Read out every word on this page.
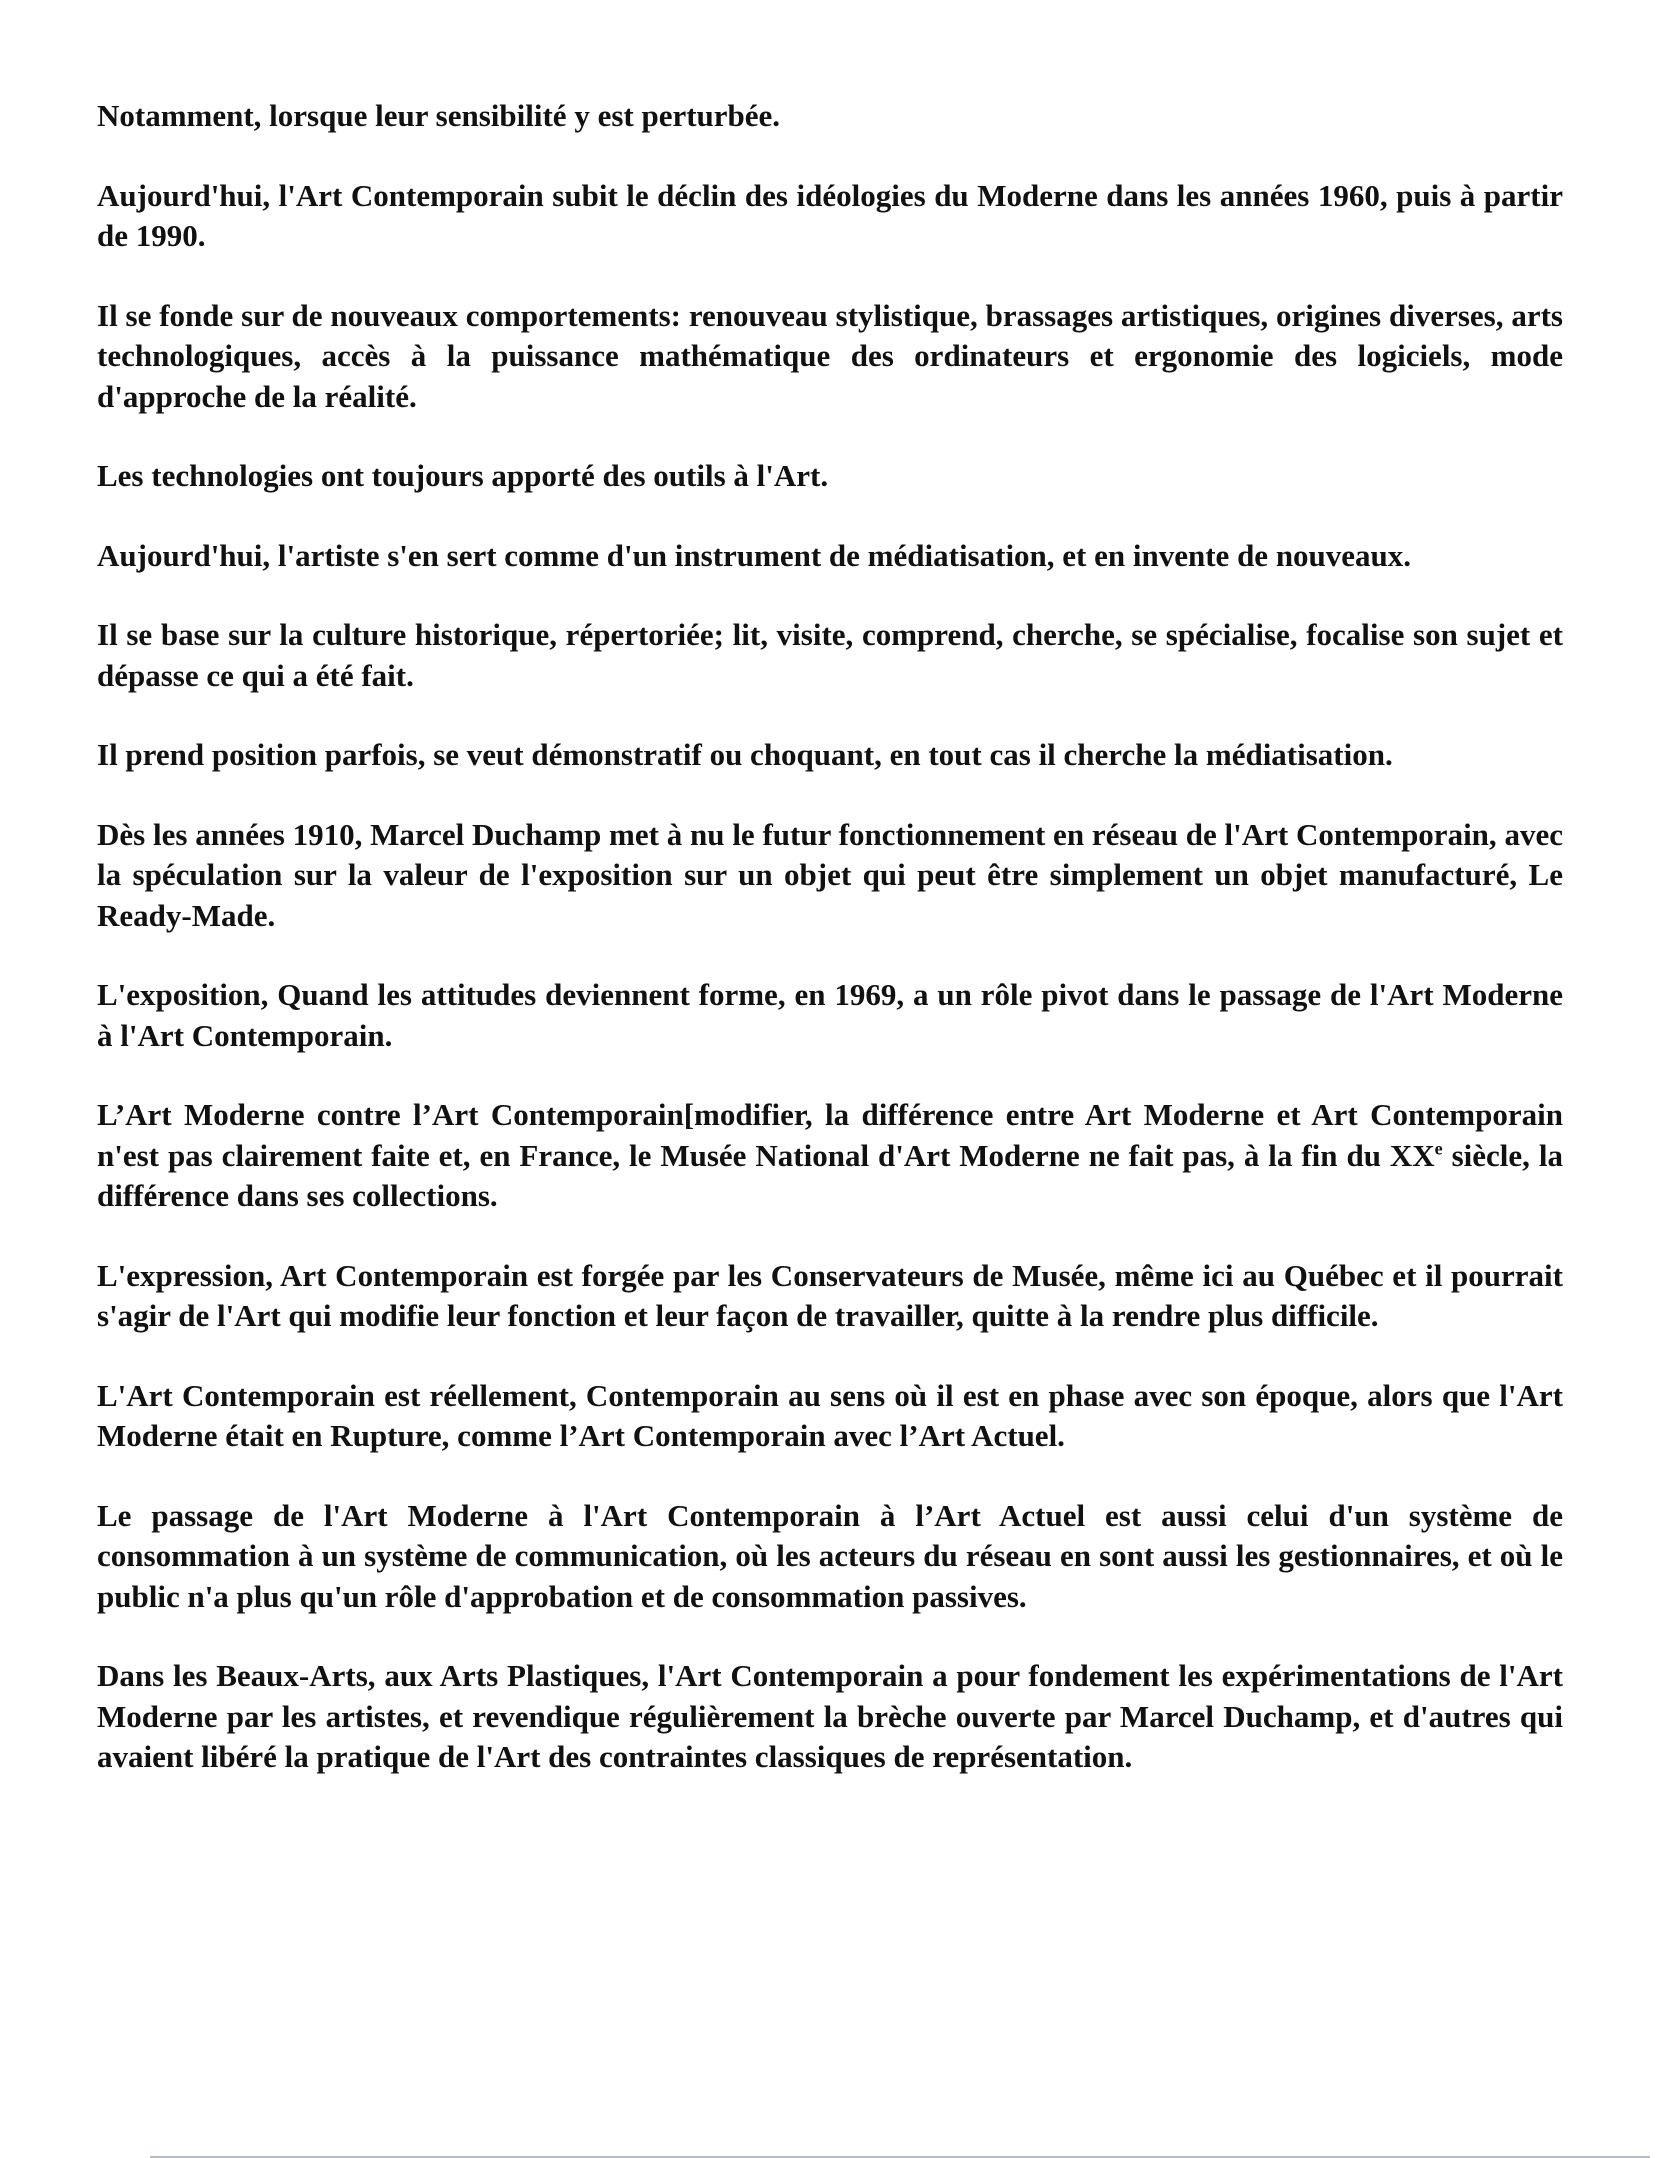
Notamment, lorsque leur sensibilité y est perturbée.

Aujourd'hui, l'Art Contemporain subit le déclin des idéologies du Moderne dans les années 1960, puis à partir de 1990.

Il se fonde sur de nouveaux comportements: renouveau stylistique, brassages artistiques, origines diverses, arts technologiques, accès à la puissance mathématique des ordinateurs et ergonomie des logiciels, mode d'approche de la réalité.

Les technologies ont toujours apporté des outils à l'Art.

Aujourd'hui, l'artiste s'en sert comme d'un instrument de médiatisation, et en invente de nouveaux.

Il se base sur la culture historique, répertoriée; lit, visite, comprend, cherche, se spécialise, focalise son sujet et dépasse ce qui a été fait.

Il prend position parfois, se veut démonstratif ou choquant, en tout cas il cherche la médiatisation.

Dès les années 1910, Marcel Duchamp met à nu le futur fonctionnement en réseau de l'Art Contemporain, avec la spéculation sur la valeur de l'exposition sur un objet qui peut être simplement un objet manufacturé, Le Ready-Made.

L'exposition, Quand les attitudes deviennent forme, en 1969, a un rôle pivot dans le passage de l'Art Moderne à l'Art Contemporain.

L’Art Moderne contre l’Art Contemporain[modifier, la différence entre Art Moderne et Art Contemporain n'est pas clairement faite et, en France, le Musée National d'Art Moderne ne fait pas, à la fin du XXe siècle, la différence dans ses collections.

L'expression, Art Contemporain est forgée par les Conservateurs de Musée, même ici au Québec et il pourrait s'agir de l'Art qui modifie leur fonction et leur façon de travailler, quitte à la rendre plus difficile.

L'Art Contemporain est réellement, Contemporain au sens où il est en phase avec son époque, alors que l'Art Moderne était en Rupture, comme l’Art Contemporain avec l’Art Actuel.

Le passage de l'Art Moderne à l'Art Contemporain à l’Art Actuel est aussi celui d'un système de consommation à un système de communication, où les acteurs du réseau en sont aussi les gestionnaires, et où le public n'a plus qu'un rôle d'approbation et de consommation passives.

Dans les Beaux-Arts, aux Arts Plastiques, l'Art Contemporain a pour fondement les expérimentations de l'Art Moderne par les artistes, et revendique régulièrement la brèche ouverte par Marcel Duchamp, et d'autres qui avaient libéré la pratique de l'Art des contraintes classiques de représentation.
